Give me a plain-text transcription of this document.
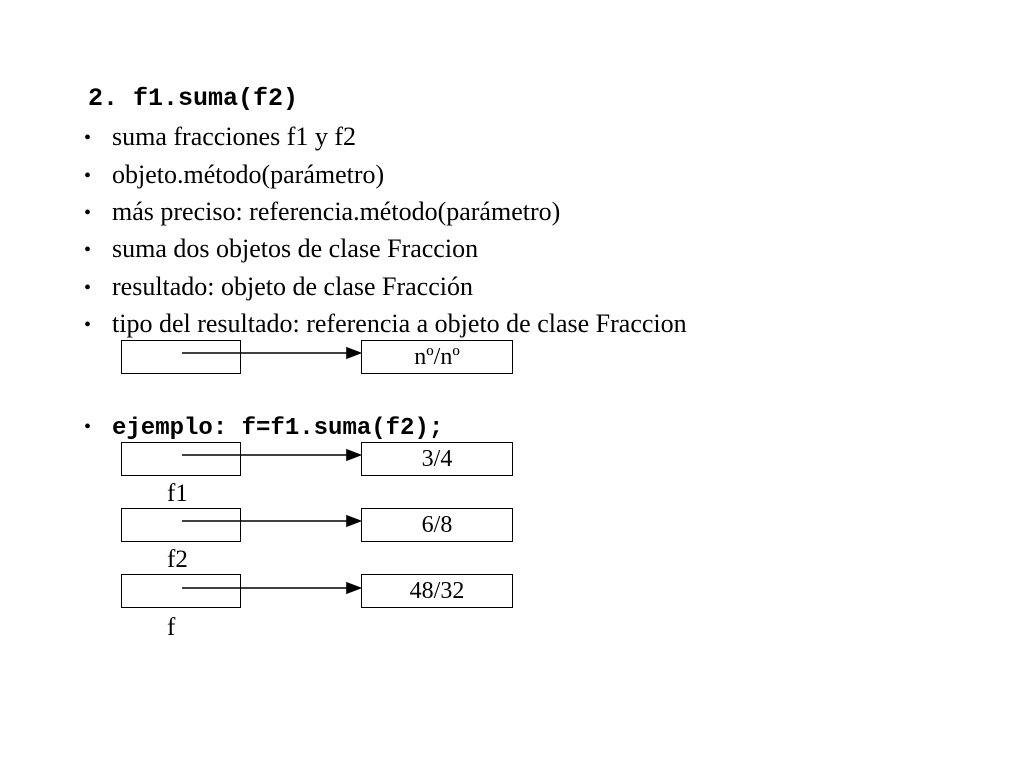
2. f1.suma(f2)
• suma fracciones f1 y f2
• objeto.método(parámetro)
• más preciso: referencia.método(parámetro)
• suma dos objetos de clase Fraccion
• resultado: objeto de clase Fracción
• tipo del resultado: referencia a objeto de clase Fraccion
nº/nº
• ejemplo: f=f1.suma(f2);
3/4
f1
6/8
f2
48/32
f
